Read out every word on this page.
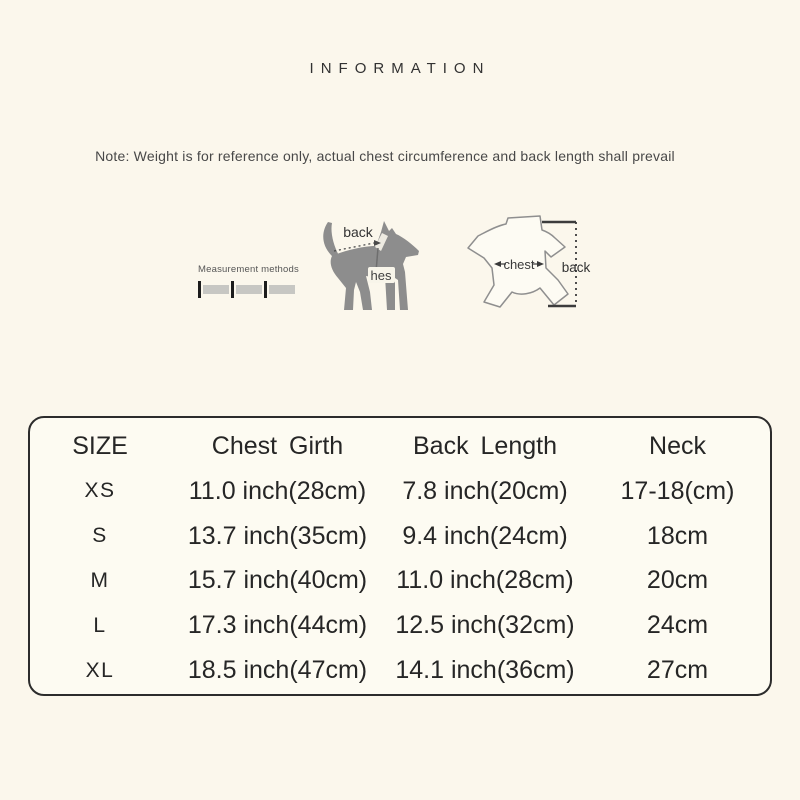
INFORMATION
Note: Weight is for reference only, actual chest circumference and back length shall prevail
Measurement methods	hes
back
chest back
SIZE	Chest Girth	Back Length	Neck
XS	11.0 inch(28cm)	7.8 inch(20cm)	17-18(cm)
S	13.7 inch(35cm)	9.4 inch(24cm)	18cm
M	15.7 inch(40cm)	11.0 inch(28cm)	20cm
L	17.3 inch(44cm)	12.5 inch(32cm)	24cm
XL	18.5 inch(47cm)	14.1 inch(36cm)	27cm
